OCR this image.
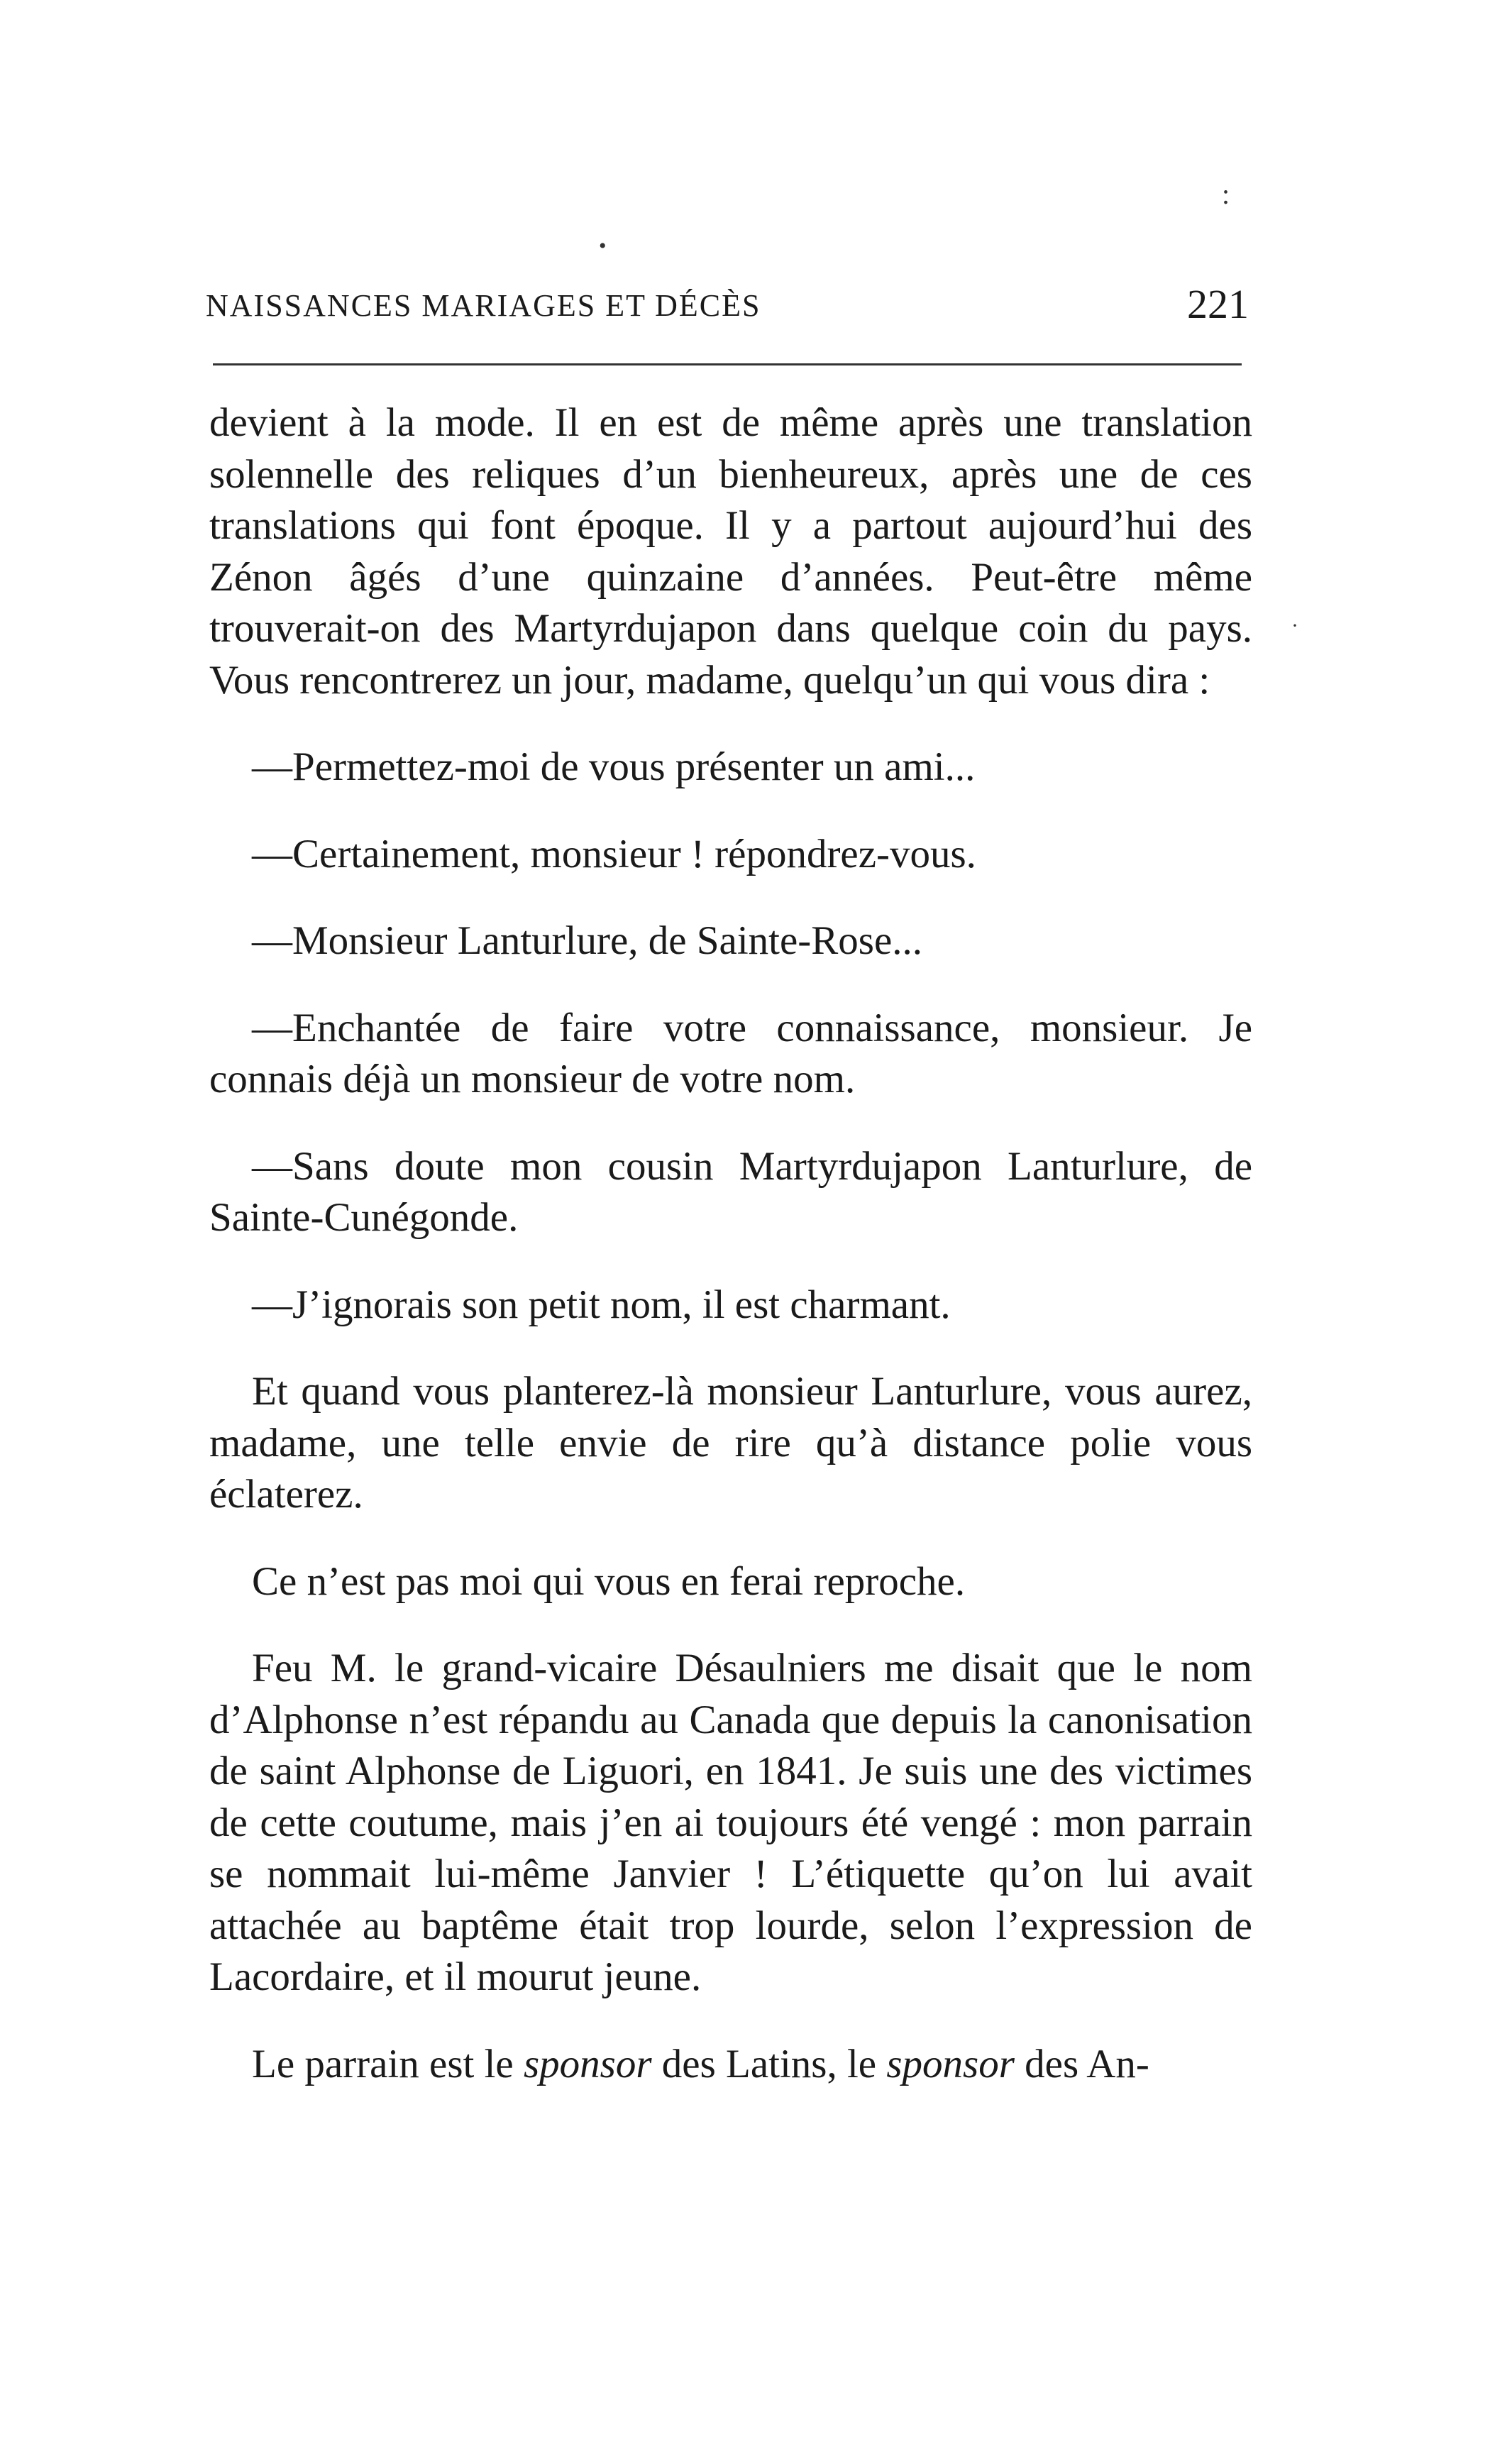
:
•
·
NAISSANCES MARIAGES ET DÉCÈS	221

devient à la mode. Il en est de même après une translation solennelle des reliques d’un bienheureux, après une de ces translations qui font époque. Il y a partout aujourd’hui des Zénon âgés d’une quinzaine d’années. Peut-être même trouverait-on des Martyrdujapon dans quelque coin du pays. Vous rencontrerez un jour, madame, quelqu’un qui vous dira :

—Permettez-moi de vous présenter un ami...

—Certainement, monsieur ! répondrez-vous.

—Monsieur Lanturlure, de Sainte-Rose...

—Enchantée de faire votre connaissance, monsieur. Je connais déjà un monsieur de votre nom.

—Sans doute mon cousin Martyrdujapon Lanturlure, de Sainte-Cunégonde.

—J’ignorais son petit nom, il est charmant.

Et quand vous planterez-là monsieur Lanturlure, vous aurez, madame, une telle envie de rire qu’à distance polie vous éclaterez.

Ce n’est pas moi qui vous en ferai reproche.

Feu M. le grand-vicaire Désaulniers me disait que le nom d’Alphonse n’est répandu au Canada que depuis la canonisation de saint Alphonse de Liguori, en 1841. Je suis une des victimes de cette coutume, mais j’en ai toujours été vengé : mon parrain se nommait lui-même Janvier ! L’étiquette qu’on lui avait attachée au baptême était trop lourde, selon l’expression de Lacordaire, et il mourut jeune.

Le parrain est le sponsor des Latins, le sponsor des An-
